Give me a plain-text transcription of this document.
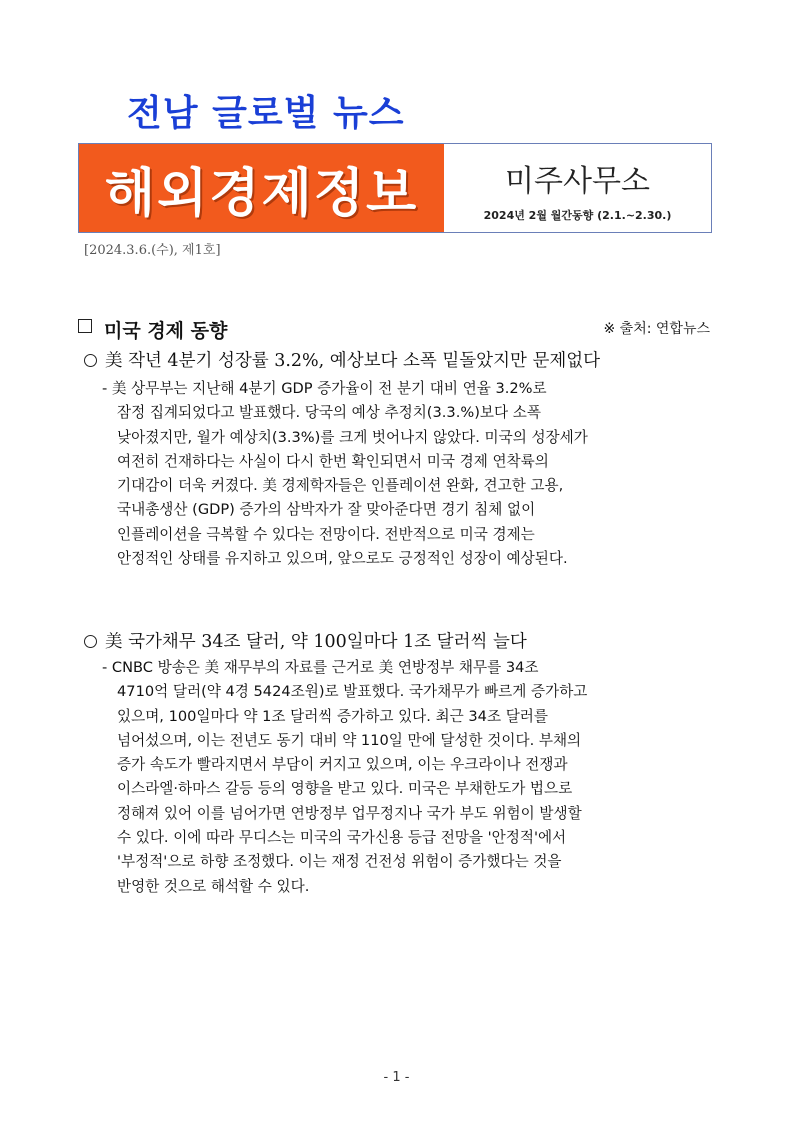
전남 글로벌 뉴스
해외경제정보	미주사무소
2024년 2월 월간동향 (2.1.~2.30.)
[2024.3.6.(수), 제1호]
미국 경제 동향	※ 출처: 연합뉴스
美 작년 4분기 성장률 3.2%, 예상보다 소폭 밑돌았지만 문제없다
- 美 상무부는 지난해 4분기 GDP 증가율이 전 분기 대비 연율 3.2%로
잠정 집계되었다고 발표했다. 당국의 예상 추정치(3.3.%)보다 소폭
낮아졌지만, 월가 예상치(3.3%)를 크게 벗어나지 않았다. 미국의 성장세가
여전히 건재하다는 사실이 다시 한번 확인되면서 미국 경제 연착륙의
기대감이 더욱 커졌다. 美 경제학자들은 인플레이션 완화, 견고한 고용,
국내총생산 (GDP) 증가의 삼박자가 잘 맞아준다면 경기 침체 없이
인플레이션을 극복할 수 있다는 전망이다. 전반적으로 미국 경제는
안정적인 상태를 유지하고 있으며, 앞으로도 긍정적인 성장이 예상된다.
美 국가채무 34조 달러, 약 100일마다 1조 달러씩 늘다
- CNBC 방송은 美 재무부의 자료를 근거로 美 연방정부 채무를 34조
4710억 달러(약 4경 5424조원)로 발표했다. 국가채무가 빠르게 증가하고
있으며, 100일마다 약 1조 달러씩 증가하고 있다. 최근 34조 달러를
넘어섰으며, 이는 전년도 동기 대비 약 110일 만에 달성한 것이다. 부채의
증가 속도가 빨라지면서 부담이 커지고 있으며, 이는 우크라이나 전쟁과
이스라엘·하마스 갈등 등의 영향을 받고 있다. 미국은 부채한도가 법으로
정해져 있어 이를 넘어가면 연방정부 업무정지나 국가 부도 위험이 발생할
수 있다. 이에 따라 무디스는 미국의 국가신용 등급 전망을 '안정적'에서
'부정적'으로 하향 조정했다. 이는 재정 건전성 위험이 증가했다는 것을
반영한 것으로 해석할 수 있다.
- 1 -
